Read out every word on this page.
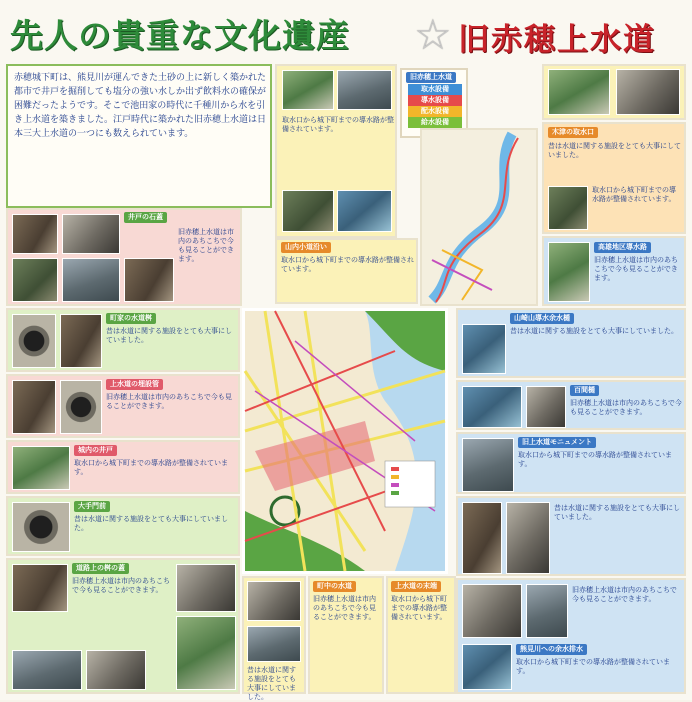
先人の貴重な文化遺産 ☆ 旧赤穂上水道
赤穂城下町は、熊見川が運んできた土砂の上に新しく築かれた都市で井戸を掘削しても塩分の強い水しか出ず飲料水の確保が困難だったようです。そこで池田家の時代に千種川から水を引き上水道を築きました。江戸時代に築かれた旧赤穂上水道は日本三大上水道の一つにも数えられています。
取水口から城下町までの導水路が整備されています。
旧赤穂上水道
取水設備
導水設備
配水設備
給水設備
木津の取水口
昔は水道に関する施設をとても大事にしていました。
取水口から城下町までの導水路が整備されています。
高雄地区導水路
旧赤穂上水道は市内のあちこちで今も見ることができます。
山内小道沿い
取水口から城下町までの導水路が整備されています。
井戸の石蓋
旧赤穂上水道は市内のあちこちで今も見ることができます。
町家の水道桝
昔は水道に関する施設をとても大事にしていました。
上水道の埋設管
旧赤穂上水道は市内のあちこちで今も見ることができます。
城内の井戸
取水口から城下町までの導水路が整備されています。
大手門前
昔は水道に関する施設をとても大事にしていました。
道路上の桝の蓋
旧赤穂上水道は市内のあちこちで今も見ることができます。
昔は水道に関する施設をとても大事にしていました。
町中の水道
旧赤穂上水道は市内のあちこちで今も見ることができます。
上水道の末端
取水口から城下町までの導水路が整備されています。
山崎山導水余水樋
昔は水道に関する施設をとても大事にしていました。
百間樋
旧赤穂上水道は市内のあちこちで今も見ることができます。
旧上水道モニュメント
取水口から城下町までの導水路が整備されています。
昔は水道に関する施設をとても大事にしていました。
旧赤穂上水道は市内のあちこちで今も見ることができます。
熊見川への余水排水
取水口から城下町までの導水路が整備されています。
